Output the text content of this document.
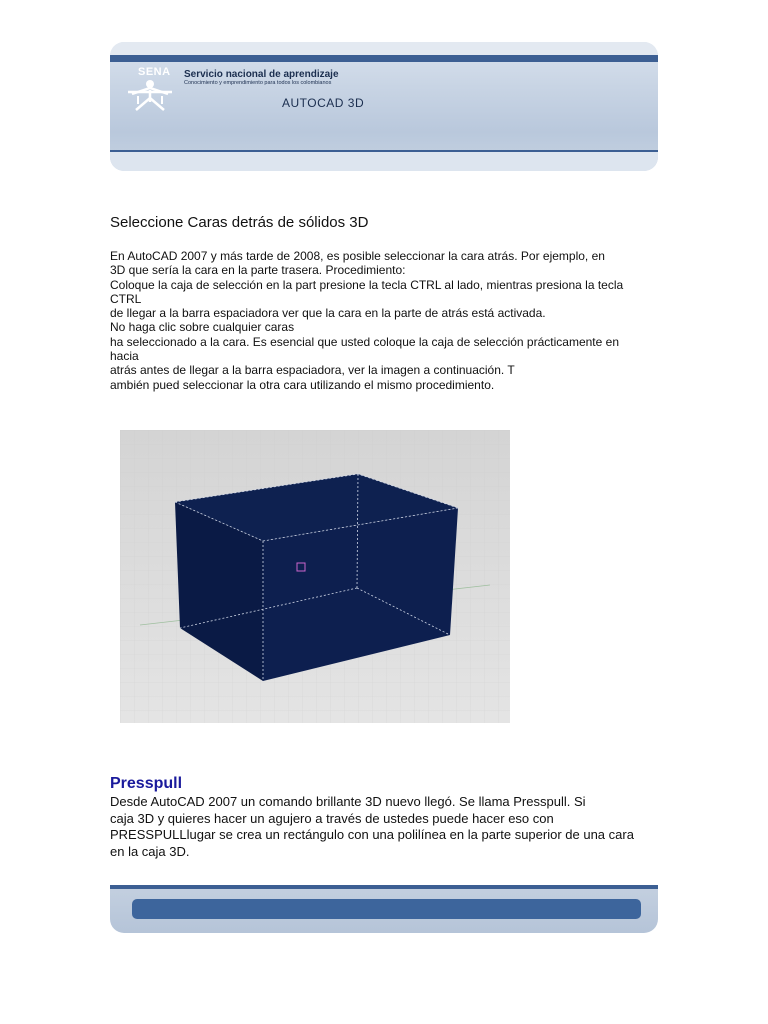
SENA Servicio nacional de aprendizaje
Conocimiento y emprendimiento para todos los colombianos
AUTOCAD 3D
Seleccione Caras detrás de sólidos 3D
En AutoCAD 2007 y más tarde de 2008, es posible seleccionar la cara atrás. Por ejemplo, en
3D que sería la cara en la parte trasera. Procedimiento:
Coloque la caja de selección en la part presione la tecla CTRL al lado, mientras presiona la tecla
CTRL
de llegar a la barra espaciadora ver que la cara en la parte de atrás está activada.
No haga clic sobre cualquier caras
ha seleccionado a la cara. Es esencial que usted coloque la caja de selección prácticamente en
hacia
atrás antes de llegar a la barra espaciadora, ver la imagen a continuación. T
ambién pued seleccionar la otra cara utilizando el mismo procedimiento.
Presspull
Desde AutoCAD 2007 un comando brillante 3D nuevo llegó. Se llama Presspull. Si
caja 3D y quieres hacer un agujero a través de ustedes puede hacer eso con
PRESSPULLlugar se crea un rectángulo con una polilínea en la parte superior de una cara
en la caja 3D.
